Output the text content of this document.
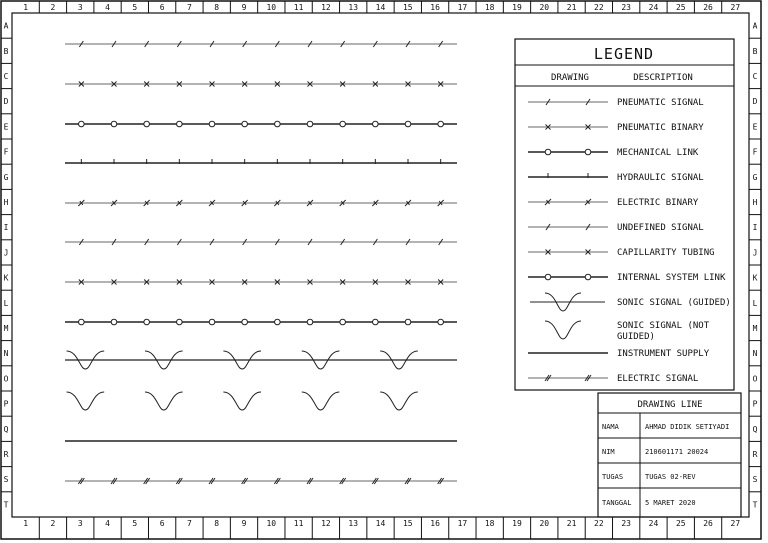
1
1
2
2
3
3
4
4
5
5
6
6
7
7
8
8
9
9
10
10
11
11
12
12
13
13
14
14
15
15
16
16
17
17
18
18
19
19
20
20
21
21
22
22
23
23
24
24
25
25
26
26
27
27
A	A
B	B
C	C
D	D
E	E
F	F
G	G
H	H
I	I
J	J
K	K
L	L
M	M
N	N
O	O
P	P
Q	Q
R	R
S	S
T	T
LEGEND
DRAWING	DESCRIPTION
PNEUMATIC SIGNAL
PNEUMATIC BINARY
MECHANICAL LINK
HYDRAULIC SIGNAL
ELECTRIC BINARY
UNDEFINED SIGNAL
CAPILLARITY TUBING
INTERNAL SYSTEM LINK
SONIC SIGNAL (GUIDED)
SONIC SIGNAL (NOT GUIDED)
INSTRUMENT SUPPLY
ELECTRIC SIGNAL
DRAWING LINE
NAMA	AHMAD DIDIK SETIYADI
NIM	210601171 20024
TUGAS	TUGAS 02-REV
TANGGAL 5 MARET 2020
